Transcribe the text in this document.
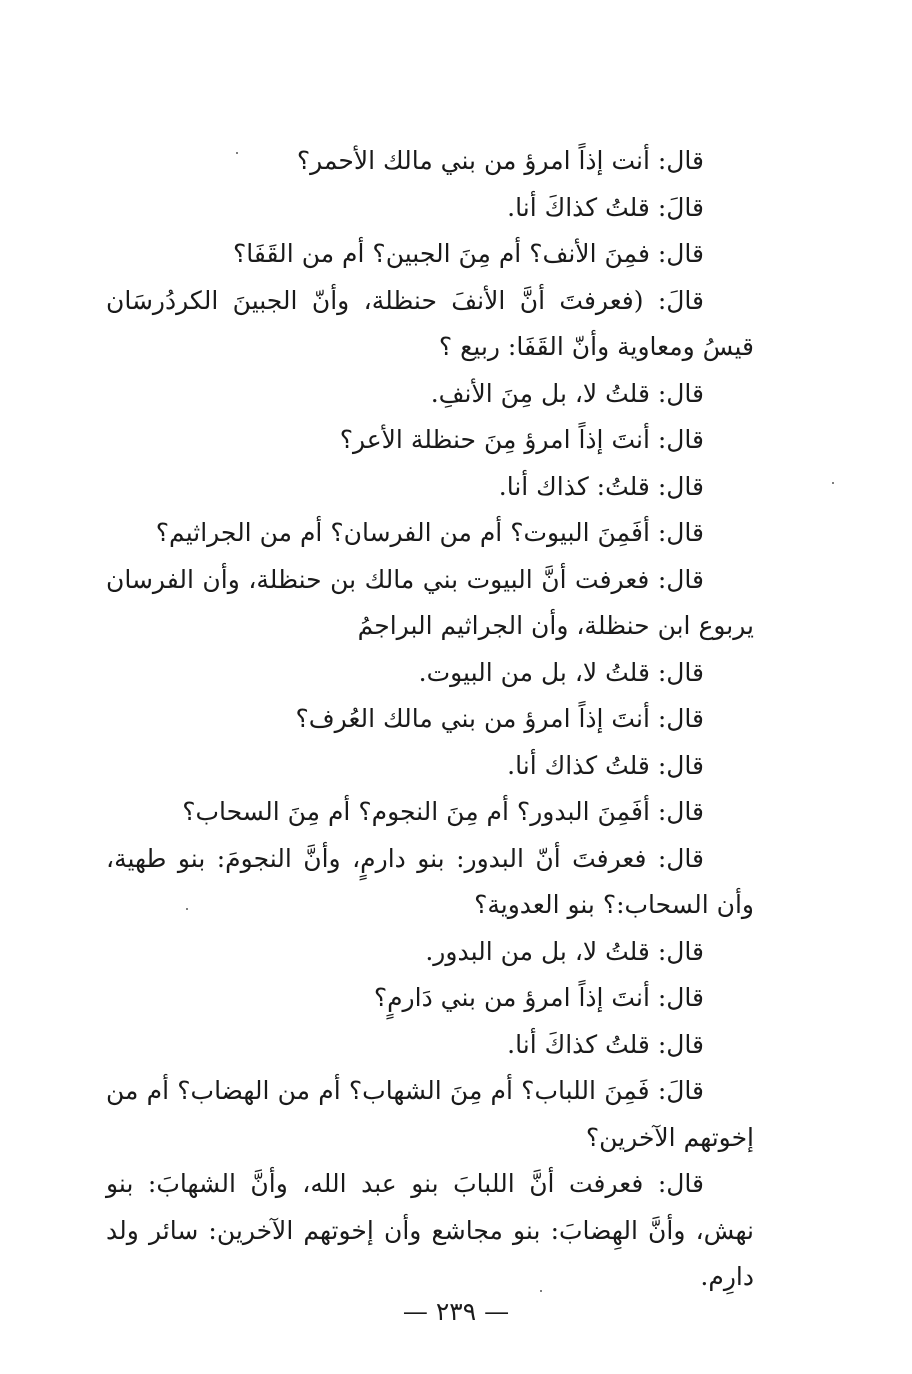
قال: أنت إذاً امرؤ من بني مالك الأحمر؟

قالَ: قلتُ كذاكَ أنا.

قال: فمِنَ الأنف؟ أم مِنَ الجبين؟ أم من القَفَا؟

قالَ: (فعرفتَ أنَّ الأنفَ حنظلة، وأنّ الجبينَ الكردُرسَان قيسُ ومعاوية وأنّ القَفَا: ربيع ؟

قال: قلتُ لا، بل مِنَ الأنفِ.

قال: أنتَ إذاً امرؤ مِنَ حنظلة الأعر؟

قال: قلتُ: كذاك أنا.

قال: أفَمِنَ البيوت؟ أم من الفرسان؟ أم من الجراثيم؟

قال: فعرفت أنَّ البيوت بني مالك بن حنظلة، وأن الفرسان يربوع ابن حنظلة، وأن الجراثيم البراجمُ

قال: قلتُ لا، بل من البيوت.

قال: أنتَ إذاً امرؤ من بني مالك العُرف؟

قال: قلتُ كذاك أنا.

قال: أفَمِنَ البدور؟ أم مِنَ النجوم؟ أم مِنَ السحاب؟

قال: فعرفتَ أنّ البدور: بنو دارمٍ، وأنَّ النجومَ: بنو طهية، وأن السحاب:؟ بنو العدوية؟

قال: قلتُ لا، بل من البدور.

قال: أنتَ إذاً امرؤ من بني دَارمٍ؟

قال: قلتُ كذاكَ أنا.

قالَ: فَمِنَ اللباب؟ أم مِنَ الشهاب؟ أم من الهضاب؟ أم من إخوتهم الآخرين؟

قال: فعرفت أنَّ اللبابَ بنو عبد الله، وأنَّ الشهابَ: بنو نهش، وأنَّ الهِضابَ: بنو مجاشع وأن إخوتهم الآخرين: سائر ولد دارِم.

— ٢٣٩ —
